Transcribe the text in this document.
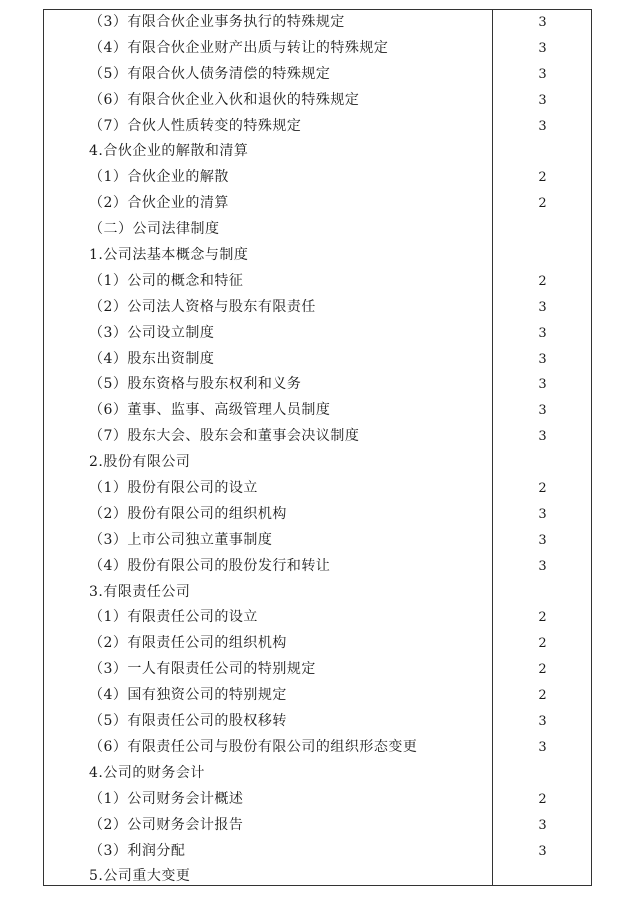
（3）有限合伙企业事务执行的特殊规定	3
（4）有限合伙企业财产出质与转让的特殊规定	3
（5）有限合伙人债务清偿的特殊规定	3
（6）有限合伙企业入伙和退伙的特殊规定	3
（7）合伙人性质转变的特殊规定	3
4.合伙企业的解散和清算
（1）合伙企业的解散	2
（2）合伙企业的清算	2
（二）公司法律制度
1.公司法基本概念与制度
（1）公司的概念和特征	2
（2）公司法人资格与股东有限责任	3
（3）公司设立制度	3
（4）股东出资制度	3
（5）股东资格与股东权利和义务	3
（6）董事、监事、高级管理人员制度	3
（7）股东大会、股东会和董事会决议制度	3
2.股份有限公司
（1）股份有限公司的设立	2
（2）股份有限公司的组织机构	3
（3）上市公司独立董事制度	3
（4）股份有限公司的股份发行和转让	3
3.有限责任公司
（1）有限责任公司的设立	2
（2）有限责任公司的组织机构	2
（3）一人有限责任公司的特别规定	2
（4）国有独资公司的特别规定	2
（5）有限责任公司的股权移转	3
（6）有限责任公司与股份有限公司的组织形态变更	3
4.公司的财务会计
（1）公司财务会计概述	2
（2）公司财务会计报告	3
（3）利润分配	3
5.公司重大变更
